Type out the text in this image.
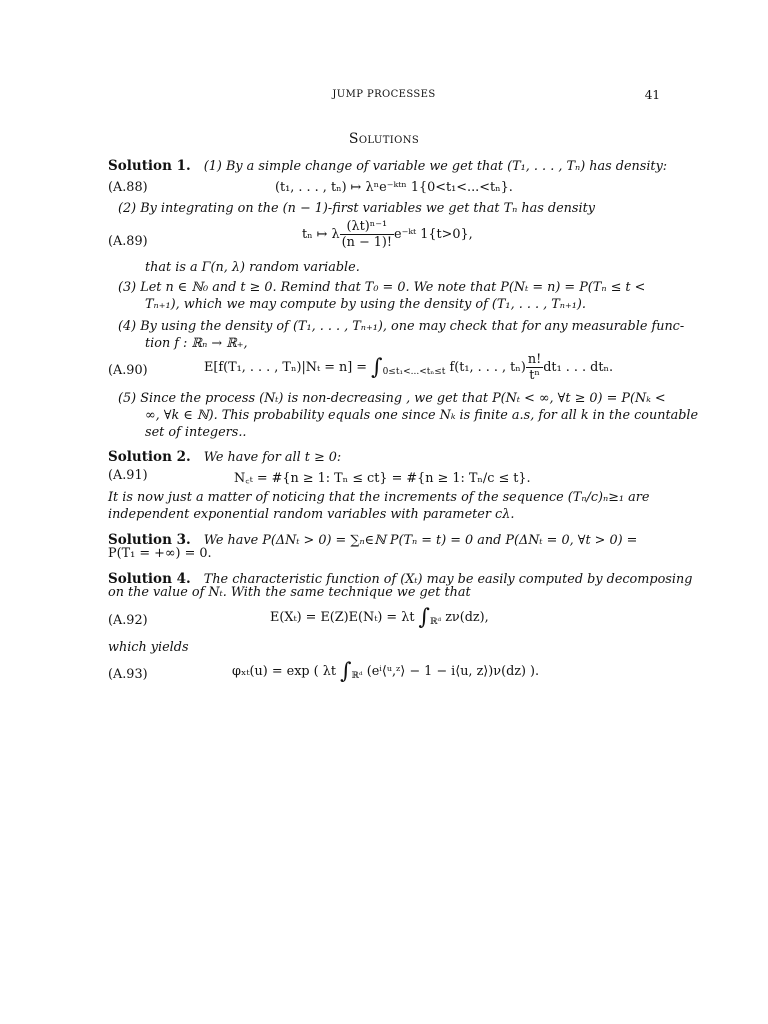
JUMP PROCESSES	41
Solutions
Solution 1. (1) By a simple change of variable we get that (T₁, . . . , Tₙ) has density:
(A.88)	(t₁, . . . , tₙ) ↦ λⁿe⁻ᵏᵗⁿ 1{0<t₁<...<tₙ}.
(2) By integrating on the (n − 1)-first variables we get that Tₙ has density
(A.89)	tₙ ↦ λ $\frac{\text{(λt)ⁿ⁻¹}}{(n - 1)!}$ e⁻ᵏᵗ 1{t>0},
that is a Γ(n, λ) random variable.
(3) Let n ∈ ℕ₀ and t ≥ 0. Remind that T₀ = 0. We note that P(Nₜ = n) = P(Tₙ ≤ t <
Tₙ₊₁), which we may compute by using the density of (T₁, . . . , Tₙ₊₁).
(4) By using the density of (T₁, . . . , Tₙ₊₁), one may check that for any measurable func-
tion f : ℝₙ → ℝ₊,
(A.90)	E[f(T₁, . . . , $T_n)|N_t = n] = \int_{0\le t_1<...<t_n\le t}$ f(t₁, . . . , $t_n) \frac{n!}{\text{tⁿ}} dt_1$ . . . dtₙ.
(5) Since the process (Nₜ) is non-decreasing , we get that P(Nₜ < ∞, ∀t ≥ 0) = P(Nₖ <
∞, ∀k ∈ ℕ). This probability equals one since Nₖ is finite a.s, for all k in the countable
set of integers..
Solution 2. We have for all t ≥ 0:
(A.91)	N꜀ₜ = #{n ≥ 1: Tₙ ≤ ct} = #{n ≥ 1: Tₙ/c ≤ t}.
It is now just a matter of noticing that the increments of the sequence (Tₙ/c)ₙ≥₁ are
independent exponential random variables with parameter cλ.
Solution 3. We have P(ΔNₜ > 0) = ∑ₙ∈ℕ P(Tₙ = t) = 0 and P(ΔNₜ = 0, ∀t > 0) =
P(T₁ = +∞) = 0.
Solution 4. The characteristic function of (Xₜ) may be easily computed by decomposing
on the value of Nₜ. With the same technique we get that
(A.92)	E(Xₜ) = E(Z)E(Nₜ) = λt $\int_{ℝᵈ}$ zν(dz),
which yields
(A.93)	φₓₜ(u) = exp ( λt $\int_{ℝᵈ}$ (eⁱ⟨ᵘ,ᶻ⟩ − 1 − i⟨u, z⟩)ν(dz) ).
